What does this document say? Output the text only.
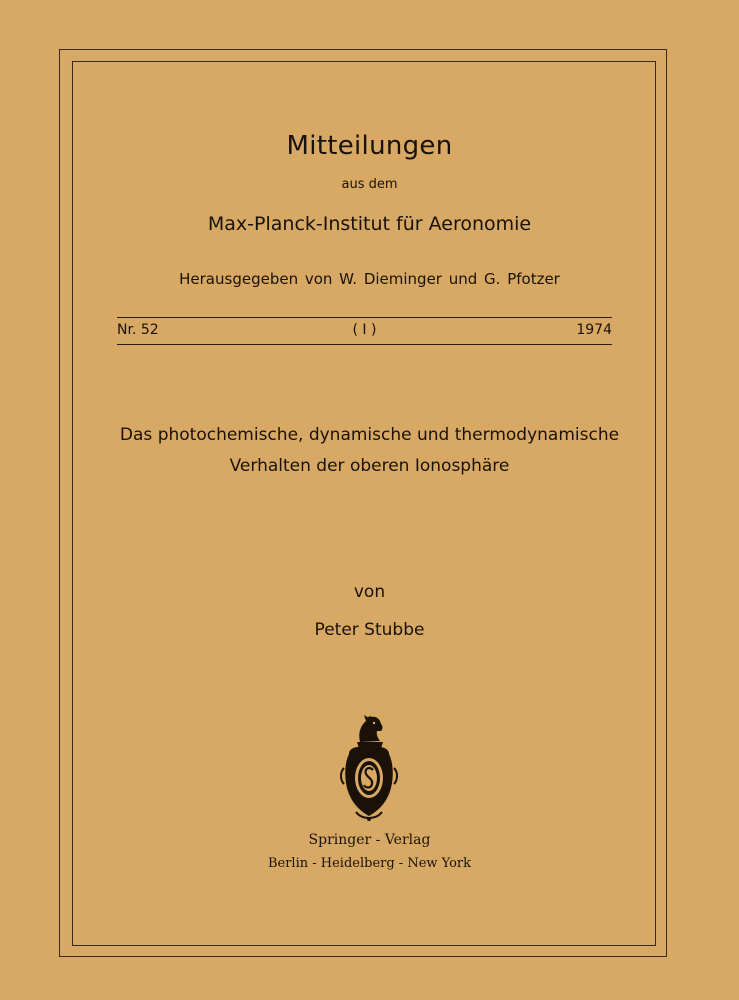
Mitteilungen
aus dem
Max-Planck-Institut für Aeronomie
Herausgegeben von W. Dieminger und G. Pfotzer
Nr. 52	( I )	1974
Das photochemische, dynamische und thermodynamische
Verhalten der oberen Ionosphäre
von
Peter Stubbe
Springer - Verlag
Berlin - Heidelberg - New York
